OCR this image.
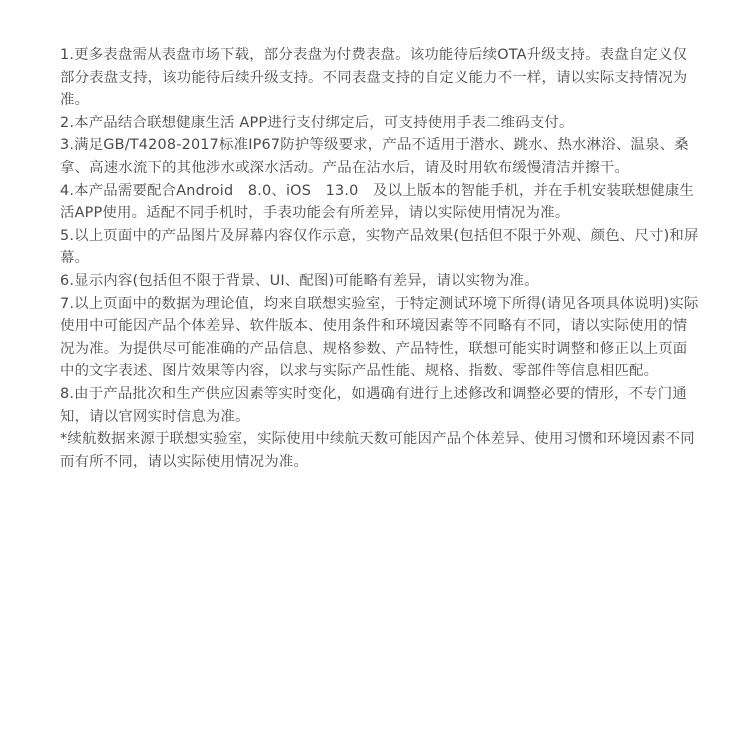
1.更多表盘需从表盘市场下载，部分表盘为付费表盘。该功能待后续OTA升级支持。表盘自定义仅部分表盘支持，该功能待后续升级支持。不同表盘支持的自定义能力不一样，请以实际支持情况为准。

2.本产品结合联想健康生活 APP进行支付绑定后，可支持使用手表二维码支付。

3.满足GB/T4208-2017标准IP67防护等级要求，产品不适用于潜水、跳水、热水淋浴、温泉、桑拿、高速水流下的其他涉水或深水活动。产品在沾水后，请及时用软布缓慢清洁并擦干。

4.本产品需要配合Android　8.0、iOS　13.0　及以上版本的智能手机，并在手机安装联想健康生活APP使用。适配不同手机时，手表功能会有所差异，请以实际使用情况为准。

5.以上页面中的产品图片及屏幕内容仅作示意，实物产品效果(包括但不限于外观、颜色、尺寸)和屏幕。

6.显示内容(包括但不限于背景、UI、配图)可能略有差异，请以实物为准。

7.以上页面中的数据为理论值，均来自联想实验室，于特定测试环境下所得(请见各项具体说明)实际使用中可能因产品个体差异、软件版本、使用条件和环境因素等不同略有不同，请以实际使用的情况为准。为提供尽可能准确的产品信息、规格参数、产品特性，联想可能实时调整和修正以上页面中的文字表述、图片效果等内容，以求与实际产品性能、规格、指数、零部件等信息相匹配。

8.由于产品批次和生产供应因素等实时变化，如遇确有进行上述修改和调整必要的情形，不专门通知，请以官网实时信息为准。

*续航数据来源于联想实验室，实际使用中续航天数可能因产品个体差异、使用习惯和环境因素不同而有所不同，请以实际使用情况为准。
